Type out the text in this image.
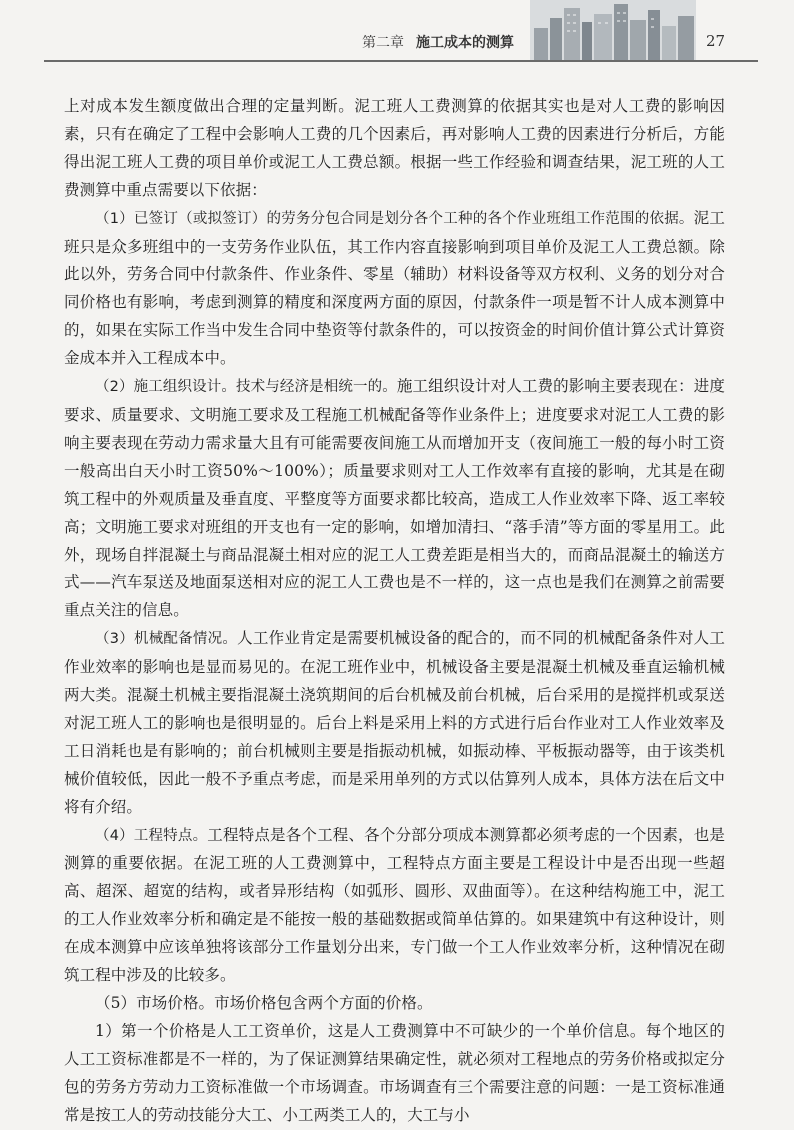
第二章 施工成本的测算	27

上对成本发生额度做出合理的定量判断。泥工班人工费测算的依据其实也是对人工费的影响因素，只有在确定了工程中会影响人工费的几个因素后，再对影响人工费的因素进行分析后，方能得出泥工班人工费的项目单价或泥工人工费总额。根据一些工作经验和调查结果，泥工班的人工费测算中重点需要以下依据：

（1）已签订（或拟签订）的劳务分包合同是划分各个工种的各个作业班组工作范围的依据。泥工班只是众多班组中的一支劳务作业队伍，其工作内容直接影响到项目单价及泥工人工费总额。除此以外，劳务合同中付款条件、作业条件、零星（辅助）材料设备等双方权利、义务的划分对合同价格也有影响，考虑到测算的精度和深度两方面的原因，付款条件一项是暂不计人成本测算中的，如果在实际工作当中发生合同中垫资等付款条件的，可以按资金的时间价值计算公式计算资金成本并入工程成本中。

（2）施工组织设计。技术与经济是相统一的。施工组织设计对人工费的影响主要表现在：进度要求、质量要求、文明施工要求及工程施工机械配备等作业条件上；进度要求对泥工人工费的影响主要表现在劳动力需求量大且有可能需要夜间施工从而增加开支（夜间施工一般的每小时工资一般高出白天小时工资50%～100%）；质量要求则对工人工作效率有直接的影响，尤其是在砌筑工程中的外观质量及垂直度、平整度等方面要求都比较高，造成工人作业效率下降、返工率较高；文明施工要求对班组的开支也有一定的影响，如增加清扫、“落手清”等方面的零星用工。此外，现场自拌混凝土与商品混凝土相对应的泥工人工费差距是相当大的，而商品混凝土的输送方式——汽车泵送及地面泵送相对应的泥工人工费也是不一样的，这一点也是我们在测算之前需要重点关注的信息。

（3）机械配备情况。人工作业肯定是需要机械设备的配合的，而不同的机械配备条件对人工作业效率的影响也是显而易见的。在泥工班作业中，机械设备主要是混凝土机械及垂直运输机械两大类。混凝土机械主要指混凝土浇筑期间的后台机械及前台机械，后台采用的是搅拌机或泵送对泥工班人工的影响也是很明显的。后台上料是采用上料的方式进行后台作业对工人作业效率及工日消耗也是有影响的；前台机械则主要是指振动机械，如振动棒、平板振动器等，由于该类机械价值较低，因此一般不予重点考虑，而是采用单列的方式以估算列人成本，具体方法在后文中将有介绍。

（4）工程特点。工程特点是各个工程、各个分部分项成本测算都必须考虑的一个因素，也是测算的重要依据。在泥工班的人工费测算中，工程特点方面主要是工程设计中是否出现一些超高、超深、超宽的结构，或者异形结构（如弧形、圆形、双曲面等）。在这种结构施工中，泥工的工人作业效率分析和确定是不能按一般的基础数据或简单估算的。如果建筑中有这种设计，则在成本测算中应该单独将该部分工作量划分出来，专门做一个工人作业效率分析，这种情况在砌筑工程中涉及的比较多。

（5）市场价格。市场价格包含两个方面的价格。

1）第一个价格是人工工资单价，这是人工费测算中不可缺少的一个单价信息。每个地区的人工工资标准都是不一样的，为了保证测算结果确定性，就必须对工程地点的劳务价格或拟定分包的劳务方劳动力工资标准做一个市场调查。市场调查有三个需要注意的问题：一是工资标准通常是按工人的劳动技能分大工、小工两类工人的，大工与小
